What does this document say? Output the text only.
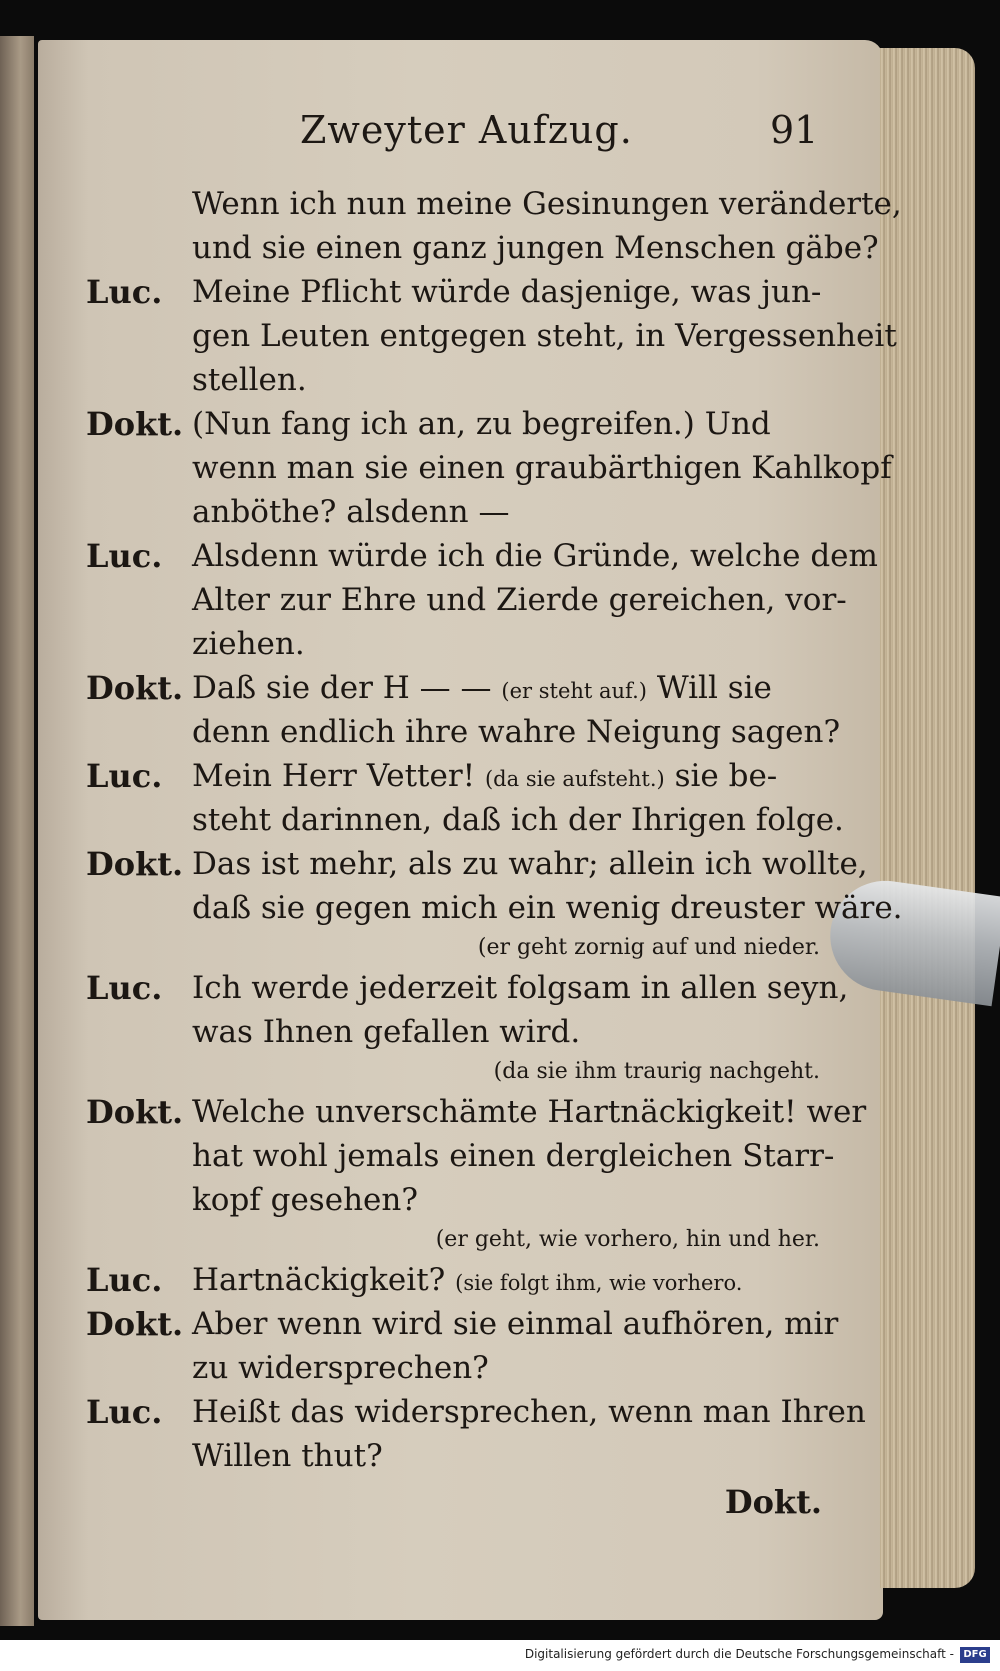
Zweyter Aufzug.	91
Wenn ich nun meine Gesinungen veränderte,
und sie einen ganz jungen Menschen gäbe?
Luc. Meine Pflicht würde dasjenige, was jun-
gen Leuten entgegen steht, in Vergessenheit
stellen.
Dokt. (Nun fang ich an, zu begreifen.) Und
wenn man sie einen graubärthigen Kahlkopf
anböthe? alsdenn —
Luc. Alsdenn würde ich die Gründe, welche dem
Alter zur Ehre und Zierde gereichen, vor-
ziehen.
Dokt. Daß sie der H — — (er steht auf.) Will sie
denn endlich ihre wahre Neigung sagen?
Luc. Mein Herr Vetter! (da sie aufsteht.) sie be-
steht darinnen, daß ich der Ihrigen folge.
Dokt. Das ist mehr, als zu wahr; allein ich wollte,
daß sie gegen mich ein wenig dreuster wäre.
(er geht zornig auf und nieder.
Luc. Ich werde jederzeit folgsam in allen seyn,
was Ihnen gefallen wird.
(da sie ihm traurig nachgeht.
Dokt. Welche unverschämte Hartnäckigkeit! wer
hat wohl jemals einen dergleichen Starr-
kopf gesehen?
(er geht, wie vorhero, hin und her.
Luc. Hartnäckigkeit? (sie folgt ihm, wie vorhero.
Dokt. Aber wenn wird sie einmal aufhören, mir
zu widersprechen?
Luc. Heißt das widersprechen, wenn man Ihren
Willen thut?
Dokt.
Digitalisierung gefördert durch die Deutsche Forschungsgemeinschaft - DFG
